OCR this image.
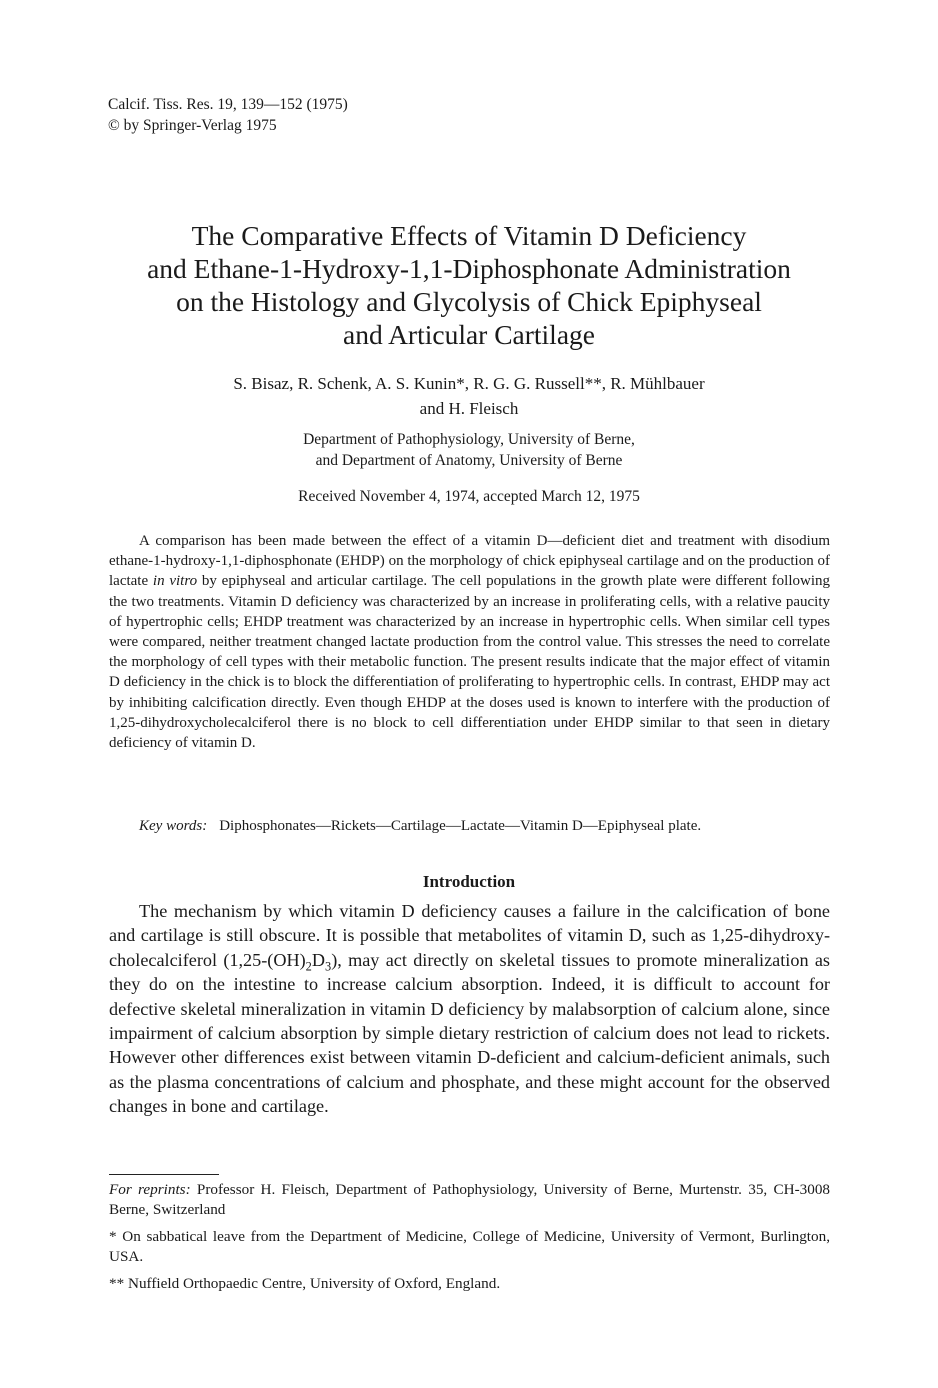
Calcif. Tiss. Res. 19, 139—152 (1975)
© by Springer-Verlag 1975
The Comparative Effects of Vitamin D Deficiency
and Ethane-1-Hydroxy-1,1-Diphosphonate Administration
on the Histology and Glycolysis of Chick Epiphyseal
and Articular Cartilage
S. Bisaz, R. Schenk, A. S. Kunin*, R. G. G. Russell**, R. Mühlbauer
and H. Fleisch
Department of Pathophysiology, University of Berne,
and Department of Anatomy, University of Berne
Received November 4, 1974, accepted March 12, 1975

A comparison has been made between the effect of a vitamin D—deficient diet and treatment with disodium ethane-1-hydroxy-1,1-diphosphonate (EHDP) on the morphology of chick epiphyseal cartilage and on the production of lactate in vitro by epiphyseal and articular cartilage. The cell populations in the growth plate were different following the two treatments. Vitamin D deficiency was characterized by an increase in proliferating cells, with a relative paucity of hypertrophic cells; EHDP treatment was characterized by an increase in hypertrophic cells. When similar cell types were compared, neither treatment changed lactate production from the control value. This stresses the need to correlate the morphology of cell types with their metabolic function. The present results indicate that the major effect of vitamin D deficiency in the chick is to block the differentiation of proliferating to hypertrophic cells. In contrast, EHDP may act by inhibiting calcification directly. Even though EHDP at the doses used is known to interfere with the production of 1,25-dihydroxycholecalciferol there is no block to cell differentiation under EHDP similar to that seen in dietary deficiency of vitamin D.

Key words: Diphosphonates—Rickets—Cartilage—Lactate—Vitamin D—Epiphyseal plate.

Introduction

The mechanism by which vitamin D deficiency causes a failure in the calcification of bone and cartilage is still obscure. It is possible that metabolites of vitamin D, such as 1,25-dihydroxy-cholecalciferol $(1,25-(OH)_2D_3)$, may act directly on skeletal tissues to promote mineralization as they do on the intestine to increase calcium absorption. Indeed, it is difficult to account for defective skeletal mineralization in vitamin D deficiency by malabsorption of calcium alone, since impairment of calcium absorption by simple dietary restriction of calcium does not lead to rickets. However other differences exist between vitamin D-deficient and calcium-deficient animals, such as the plasma concentrations of calcium and phosphate, and these might account for the observed changes in bone and cartilage.

For reprints: Professor H. Fleisch, Department of Pathophysiology, University of Berne, Murtenstr. 35, CH-3008 Berne, Switzerland

* On sabbatical leave from the Department of Medicine, College of Medicine, University of Vermont, Burlington, USA.

** Nuffield Orthopaedic Centre, University of Oxford, England.
